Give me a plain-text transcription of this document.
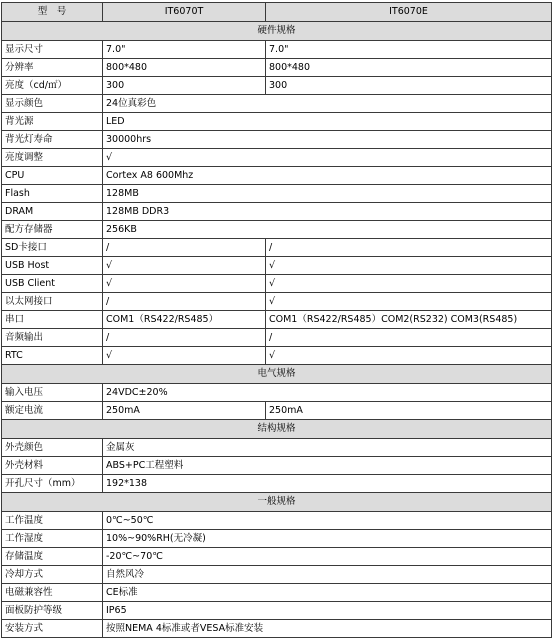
型　号	IT6070T	IT6070E
硬件规格		
显示尺寸	7.0"	7.0"
分辨率	800*480	800*480
亮度（cd/㎡）	300	300
显示颜色	24位真彩色	
背光源	LED	
背光灯寿命	30000hrs	
亮度调整	√	
CPU	Cortex A8 600Mhz	
Flash	128MB	
DRAM	128MB DDR3	
配方存储器	256KB	
SD卡接口	/	/
USB Host	√	√
USB Client	√	√
以太网接口	/	√
串口	COM1（RS422/RS485）	COM1（RS422/RS485）COM2(RS232) COM3(RS485)
音频输出	/	/
RTC	√	√
电气规格		
输入电压	24VDC±20%	
额定电流	250mA	250mA
结构规格		
外壳颜色	金属灰	
外壳材料	ABS+PC工程塑料	
开孔尺寸（mm）	192*138	
一般规格		
工作温度	0℃~50℃	
工作湿度	10%~90%RH(无冷凝)	
存储温度	-20℃~70℃	
冷却方式	自然风冷	
电磁兼容性	CE标准	
面板防护等级	IP65	
安装方式	按照NEMA 4标准或者VESA标准安装	
